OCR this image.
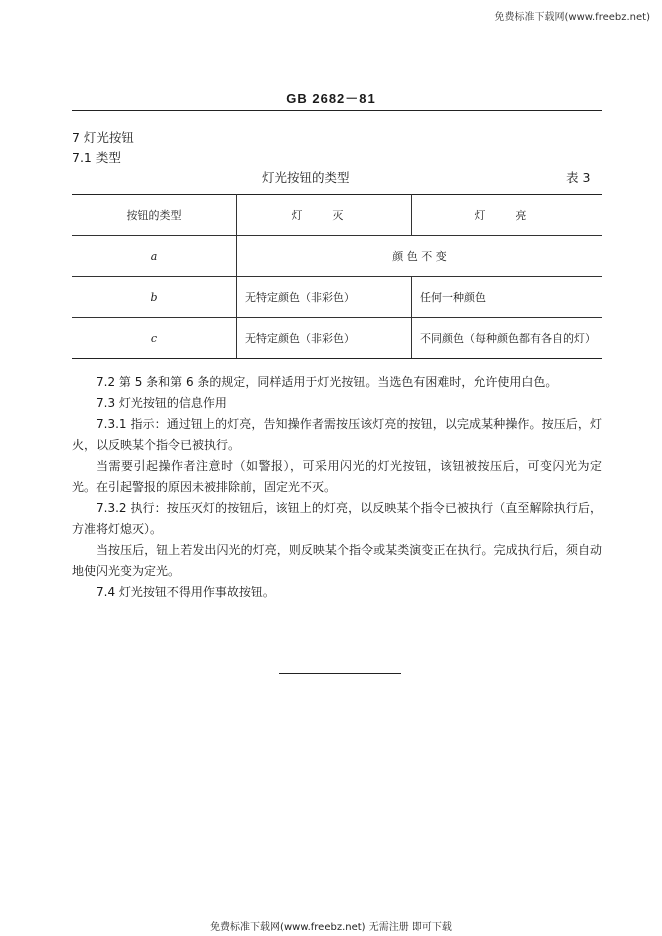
免费标准下载网(www.freebz.net)
GB 2682－81
7 灯光按钮
7.1 类型
灯光按钮的类型	表 3
按钮的类型	灯 灭	灯 亮
a	颜 色 不 变	
b	无特定颜色（非彩色）	任何一种颜色
c	无特定颜色（非彩色）	不同颜色（每种颜色都有各自的灯）
7.2 第 5 条和第 6 条的规定，同样适用于灯光按钮。当选色有困难时，允许使用白色。
7.3 灯光按钮的信息作用
7.3.1 指示：通过钮上的灯亮，告知操作者需按压该灯亮的按钮，以完成某种操作。按压后，灯火，以反映某个指令已被执行。
当需要引起操作者注意时（如警报），可采用闪光的灯光按钮，该钮被按压后，可变闪光为定光。在引起警报的原因未被排除前，固定光不灭。
7.3.2 执行：按压灭灯的按钮后，该钮上的灯亮，以反映某个指令已被执行（直至解除执行后，方准将灯熄灭）。
当按压后，钮上若发出闪光的灯亮，则反映某个指令或某类演变正在执行。完成执行后，须自动地使闪光变为定光。
7.4 灯光按钮不得用作事故按钮。
免费标准下载网(www.freebz.net) 无需注册 即可下载
